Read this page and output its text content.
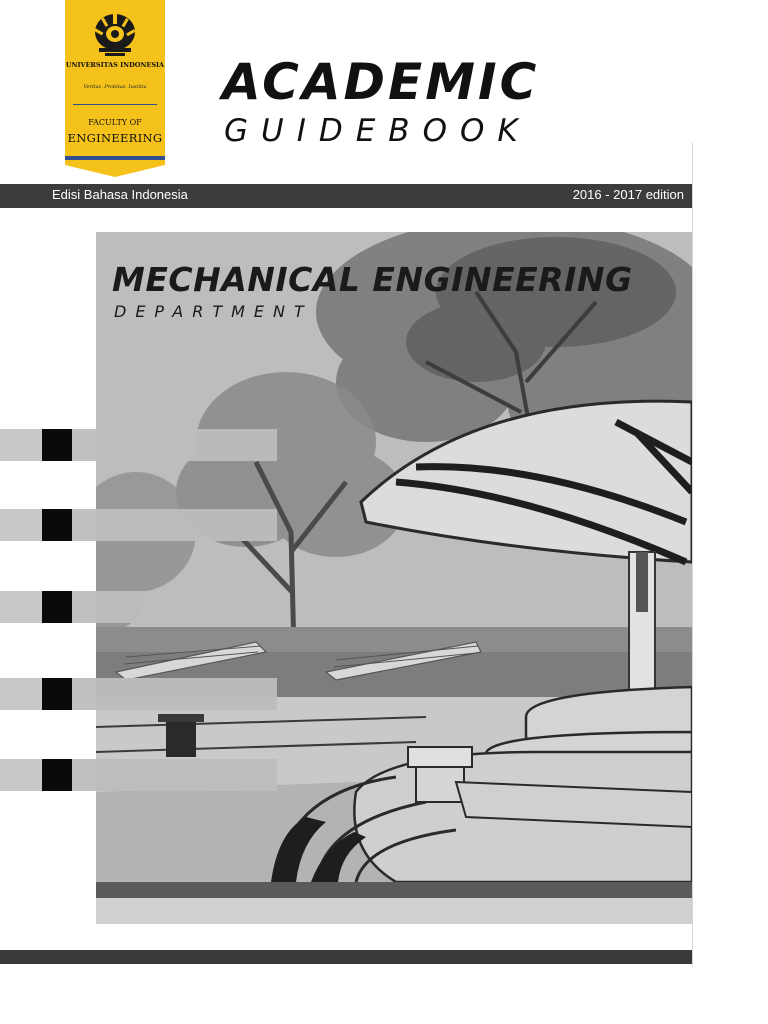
UNIVERSITAS INDONESIA
Veritas, Probitas, Iustitia
FACULTY OF
ENGINEERING
ACADEMIC
GUIDEBOOK
Edisi Bahasa Indonesia	2016 - 2017 edition
MECHANICAL ENGINEERING
DEPARTMENT
